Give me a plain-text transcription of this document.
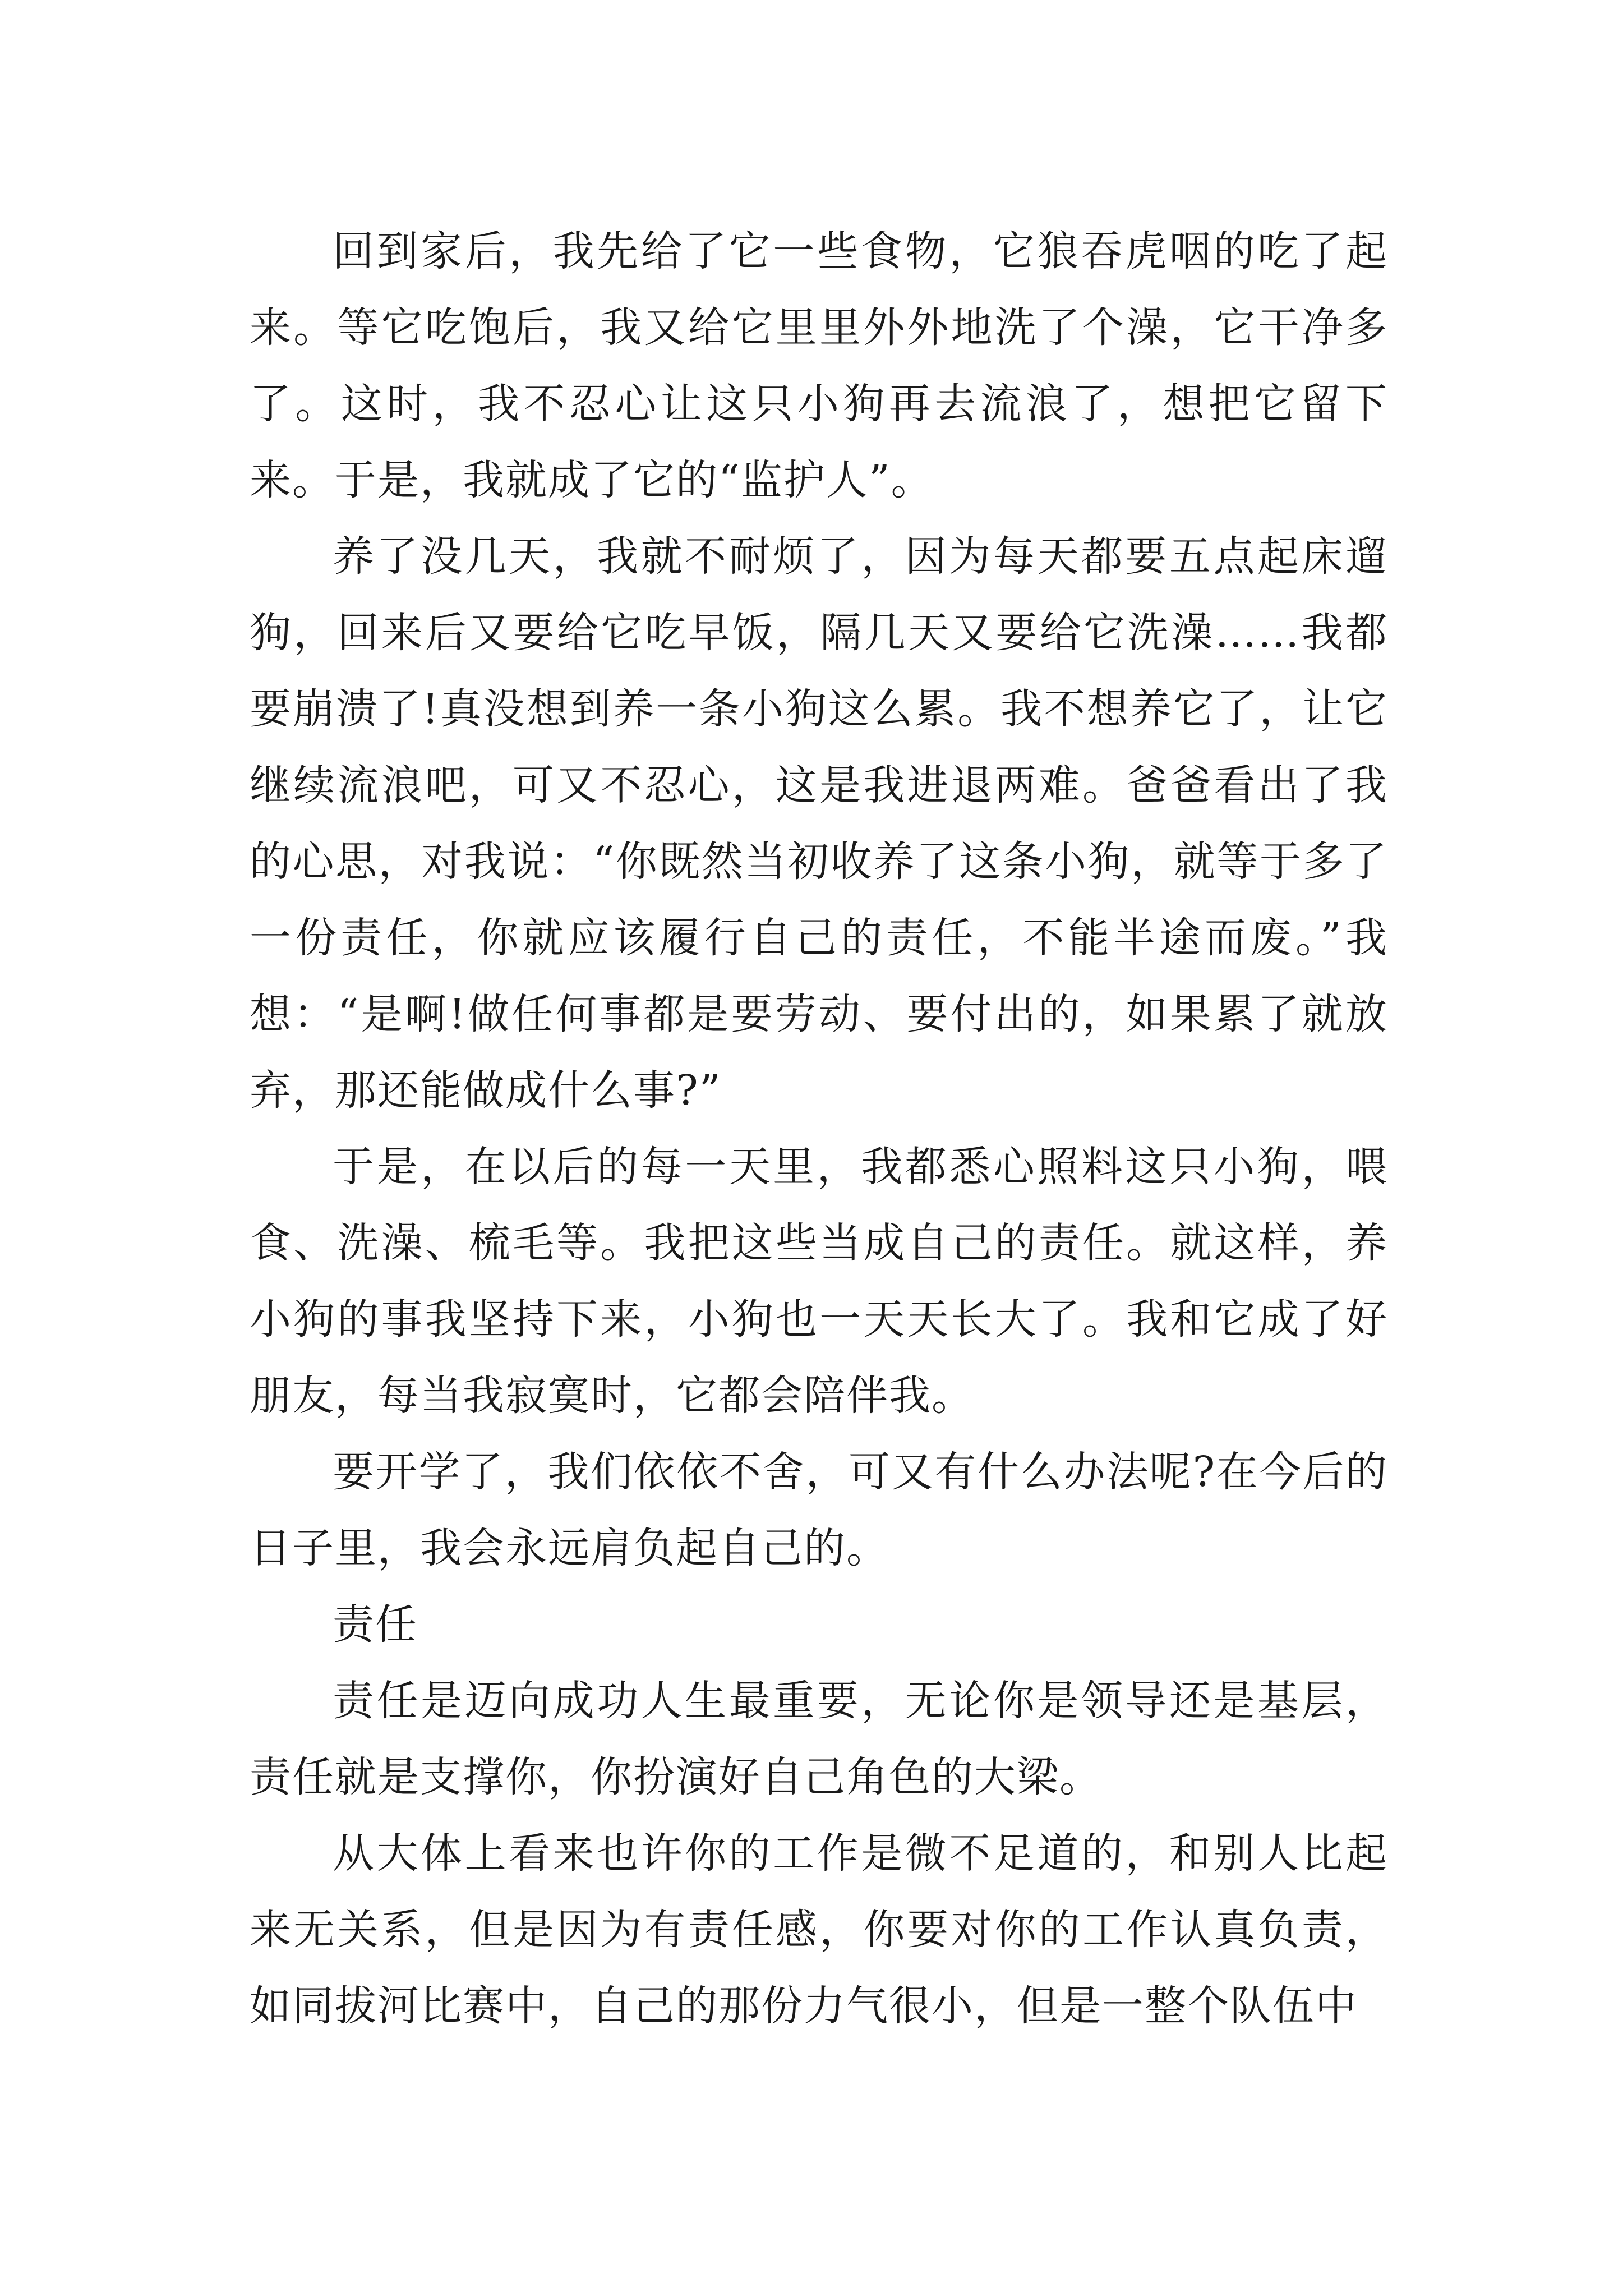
回到家后，我先给了它一些食物，它狼吞虎咽的吃了起来。等它吃饱后，我又给它里里外外地洗了个澡，它干净多了。这时，我不忍心让这只小狗再去流浪了，想把它留下来。于是，我就成了它的“监护人”。

养了没几天，我就不耐烦了，因为每天都要五点起床遛狗，回来后又要给它吃早饭，隔几天又要给它洗澡……我都要崩溃了!真没想到养一条小狗这么累。我不想养它了，让它继续流浪吧，可又不忍心，这是我进退两难。爸爸看出了我的心思，对我说：“你既然当初收养了这条小狗，就等于多了一份责任，你就应该履行自己的责任，不能半途而废。”我想：“是啊!做任何事都是要劳动、要付出的，如果累了就放弃，那还能做成什么事?”

于是，在以后的每一天里，我都悉心照料这只小狗，喂食、洗澡、梳毛等。我把这些当成自己的责任。就这样，养小狗的事我坚持下来，小狗也一天天长大了。我和它成了好朋友，每当我寂寞时，它都会陪伴我。

要开学了，我们依依不舍，可又有什么办法呢?在今后的日子里，我会永远肩负起自己的。

责任

责任是迈向成功人生最重要，无论你是领导还是基层，责任就是支撑你，你扮演好自己角色的大梁。

从大体上看来也许你的工作是微不足道的，和别人比起来无关系，但是因为有责任感，你要对你的工作认真负责，如同拔河比赛中，自己的那份力气很小，但是一整个队伍中
